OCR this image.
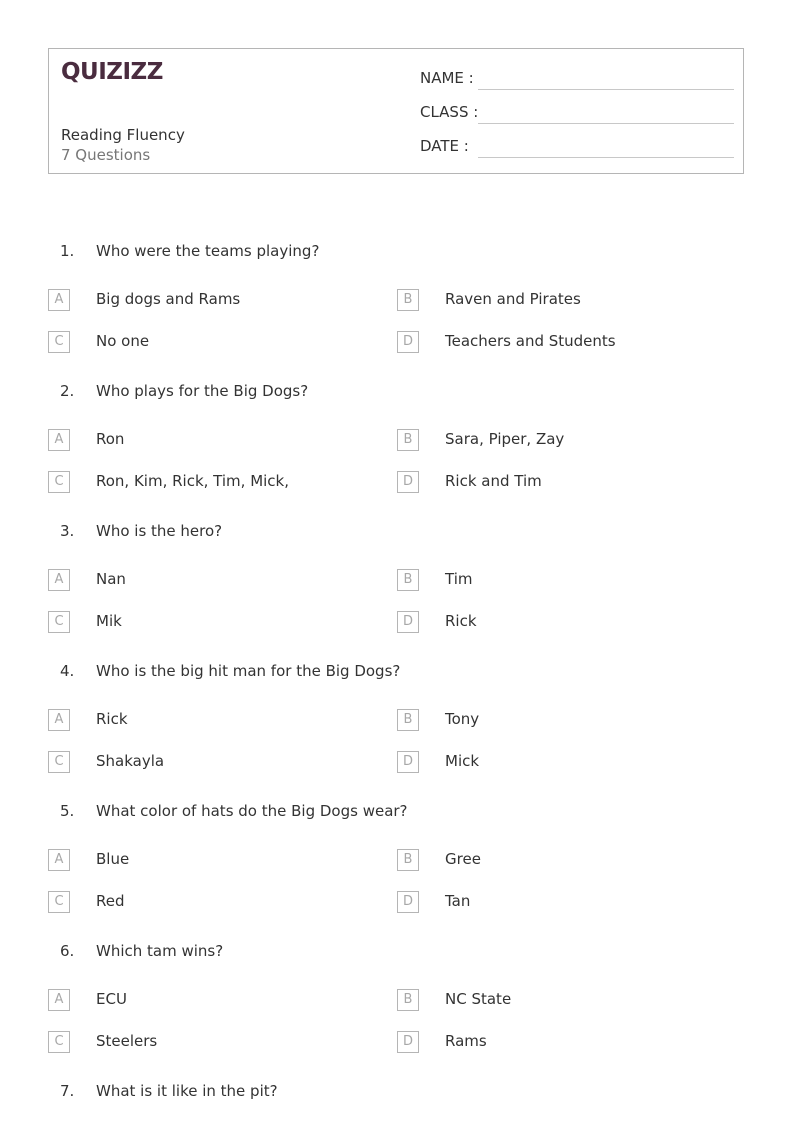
QUIZIZZ
Reading Fluency
7 Questions
NAME :
CLASS :
DATE :
1. Who were the teams playing?
A	Big dogs and Rams	B	Raven and Pirates
C	No one	D	Teachers and Students
2. Who plays for the Big Dogs?
A	Ron	B	Sara, Piper, Zay
C	Ron, Kim, Rick, Tim, Mick,	D	Rick and Tim
3. Who is the hero?
A	Nan	B	Tim
C	Mik	D	Rick
4. Who is the big hit man for the Big Dogs?
A	Rick	B	Tony
C	Shakayla	D	Mick
5. What color of hats do the Big Dogs wear?
A	Blue	B	Gree
C	Red	D	Tan
6. Which tam wins?
A	ECU	B	NC State
C	Steelers	D	Rams
7. What is it like in the pit?
